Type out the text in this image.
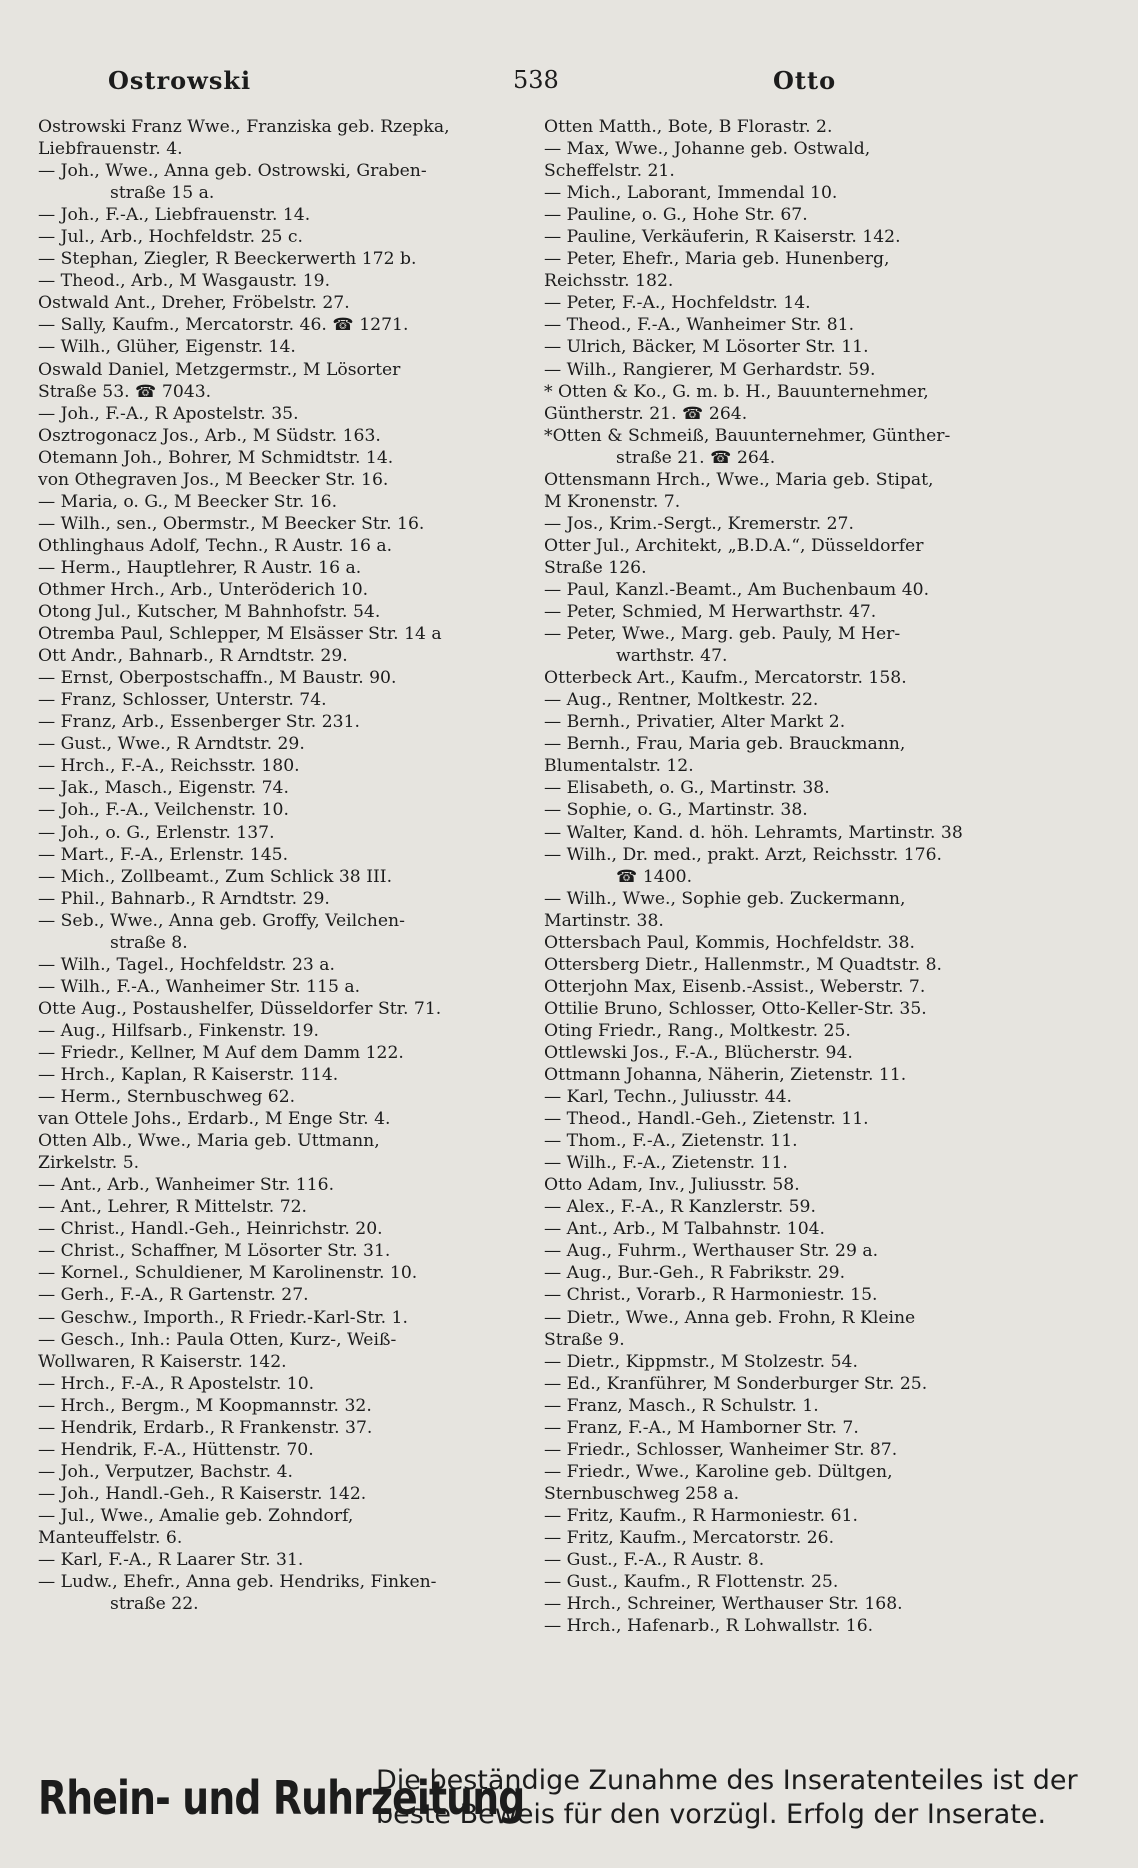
Ostrowski	538	Otto
Ostrowski Franz Wwe., Franziska geb. Rzepka,
Liebfrauenstr. 4.
— Joh., Wwe., Anna geb. Ostrowski, Graben-
straße 15 a.
— Joh., F.-A., Liebfrauenstr. 14.
— Jul., Arb., Hochfeldstr. 25 c.
— Stephan, Ziegler, R Beeckerwerth 172 b.
— Theod., Arb., M Wasgaustr. 19.
Ostwald Ant., Dreher, Fröbelstr. 27.
— Sally, Kaufm., Mercatorstr. 46. ☎ 1271.
— Wilh., Glüher, Eigenstr. 14.
Oswald Daniel, Metzgermstr., M Lösorter
Straße 53. ☎ 7043.
— Joh., F.-A., R Apostelstr. 35.
Osztrogonacz Jos., Arb., M Südstr. 163.
Otemann Joh., Bohrer, M Schmidtstr. 14.
von Othegraven Jos., M Beecker Str. 16.
— Maria, o. G., M Beecker Str. 16.
— Wilh., sen., Obermstr., M Beecker Str. 16.
Othlinghaus Adolf, Techn., R Austr. 16 a.
— Herm., Hauptlehrer, R Austr. 16 a.
Othmer Hrch., Arb., Unteröderich 10.
Otong Jul., Kutscher, M Bahnhofstr. 54.
Otremba Paul, Schlepper, M Elsässer Str. 14 a
Ott Andr., Bahnarb., R Arndtstr. 29.
— Ernst, Oberpostschaffn., M Baustr. 90.
— Franz, Schlosser, Unterstr. 74.
— Franz, Arb., Essenberger Str. 231.
— Gust., Wwe., R Arndtstr. 29.
— Hrch., F.-A., Reichsstr. 180.
— Jak., Masch., Eigenstr. 74.
— Joh., F.-A., Veilchenstr. 10.
— Joh., o. G., Erlenstr. 137.
— Mart., F.-A., Erlenstr. 145.
— Mich., Zollbeamt., Zum Schlick 38 III.
— Phil., Bahnarb., R Arndtstr. 29.
— Seb., Wwe., Anna geb. Groffy, Veilchen-
straße 8.
— Wilh., Tagel., Hochfeldstr. 23 a.
— Wilh., F.-A., Wanheimer Str. 115 a.
Otte Aug., Postaushelfer, Düsseldorfer Str. 71.
— Aug., Hilfsarb., Finkenstr. 19.
— Friedr., Kellner, M Auf dem Damm 122.
— Hrch., Kaplan, R Kaiserstr. 114.
— Herm., Sternbuschweg 62.
van Ottele Johs., Erdarb., M Enge Str. 4.
Otten Alb., Wwe., Maria geb. Uttmann,
Zirkelstr. 5.
— Ant., Arb., Wanheimer Str. 116.
— Ant., Lehrer, R Mittelstr. 72.
— Christ., Handl.-Geh., Heinrichstr. 20.
— Christ., Schaffner, M Lösorter Str. 31.
— Kornel., Schuldiener, M Karolinenstr. 10.
— Gerh., F.-A., R Gartenstr. 27.
— Geschw., Importh., R Friedr.-Karl-Str. 1.
— Gesch., Inh.: Paula Otten, Kurz-, Weiß-
Wollwaren, R Kaiserstr. 142.
— Hrch., F.-A., R Apostelstr. 10.
— Hrch., Bergm., M Koopmannstr. 32.
— Hendrik, Erdarb., R Frankenstr. 37.
— Hendrik, F.-A., Hüttenstr. 70.
— Joh., Verputzer, Bachstr. 4.
— Joh., Handl.-Geh., R Kaiserstr. 142.
— Jul., Wwe., Amalie geb. Zohndorf,
Manteuffelstr. 6.
— Karl, F.-A., R Laarer Str. 31.
— Ludw., Ehefr., Anna geb. Hendriks, Finken-
straße 22.
Otten Matth., Bote, B Florastr. 2.
— Max, Wwe., Johanne geb. Ostwald,
Scheffelstr. 21.
— Mich., Laborant, Immendal 10.
— Pauline, o. G., Hohe Str. 67.
— Pauline, Verkäuferin, R Kaiserstr. 142.
— Peter, Ehefr., Maria geb. Hunenberg,
Reichsstr. 182.
— Peter, F.-A., Hochfeldstr. 14.
— Theod., F.-A., Wanheimer Str. 81.
— Ulrich, Bäcker, M Lösorter Str. 11.
— Wilh., Rangierer, M Gerhardstr. 59.
* Otten & Ko., G. m. b. H., Bauunternehmer,
Güntherstr. 21. ☎ 264.
*Otten & Schmeiß, Bauunternehmer, Günther-
straße 21. ☎ 264.
Ottensmann Hrch., Wwe., Maria geb. Stipat,
M Kronenstr. 7.
— Jos., Krim.-Sergt., Kremerstr. 27.
Otter Jul., Architekt, „B.D.A.“, Düsseldorfer
Straße 126.
— Paul, Kanzl.-Beamt., Am Buchenbaum 40.
— Peter, Schmied, M Herwarthstr. 47.
— Peter, Wwe., Marg. geb. Pauly, M Her-
warthstr. 47.
Otterbeck Art., Kaufm., Mercatorstr. 158.
— Aug., Rentner, Moltkestr. 22.
— Bernh., Privatier, Alter Markt 2.
— Bernh., Frau, Maria geb. Brauckmann,
Blumentalstr. 12.
— Elisabeth, o. G., Martinstr. 38.
— Sophie, o. G., Martinstr. 38.
— Walter, Kand. d. höh. Lehramts, Martinstr. 38
— Wilh., Dr. med., prakt. Arzt, Reichsstr. 176.
☎ 1400.
— Wilh., Wwe., Sophie geb. Zuckermann,
Martinstr. 38.
Ottersbach Paul, Kommis, Hochfeldstr. 38.
Ottersberg Dietr., Hallenmstr., M Quadtstr. 8.
Otterjohn Max, Eisenb.-Assist., Weberstr. 7.
Ottilie Bruno, Schlosser, Otto-Keller-Str. 35.
Oting Friedr., Rang., Moltkestr. 25.
Ottlewski Jos., F.-A., Blücherstr. 94.
Ottmann Johanna, Näherin, Zietenstr. 11.
— Karl, Techn., Juliusstr. 44.
— Theod., Handl.-Geh., Zietenstr. 11.
— Thom., F.-A., Zietenstr. 11.
— Wilh., F.-A., Zietenstr. 11.
Otto Adam, Inv., Juliusstr. 58.
— Alex., F.-A., R Kanzlerstr. 59.
— Ant., Arb., M Talbahnstr. 104.
— Aug., Fuhrm., Werthauser Str. 29 a.
— Aug., Bur.-Geh., R Fabrikstr. 29.
— Christ., Vorarb., R Harmoniestr. 15.
— Dietr., Wwe., Anna geb. Frohn, R Kleine
Straße 9.
— Dietr., Kippmstr., M Stolzestr. 54.
— Ed., Kranführer, M Sonderburger Str. 25.
— Franz, Masch., R Schulstr. 1.
— Franz, F.-A., M Hamborner Str. 7.
— Friedr., Schlosser, Wanheimer Str. 87.
— Friedr., Wwe., Karoline geb. Dültgen,
Sternbuschweg 258 a.
— Fritz, Kaufm., R Harmoniestr. 61.
— Fritz, Kaufm., Mercatorstr. 26.
— Gust., F.-A., R Austr. 8.
— Gust., Kaufm., R Flottenstr. 25.
— Hrch., Schreiner, Werthauser Str. 168.
— Hrch., Hafenarb., R Lohwallstr. 16.
Rhein- und Ruhrzeitung
Die beständige Zunahme des Inseratenteiles ist der
beste Beweis für den vorzügl. Erfolg der Inserate.
